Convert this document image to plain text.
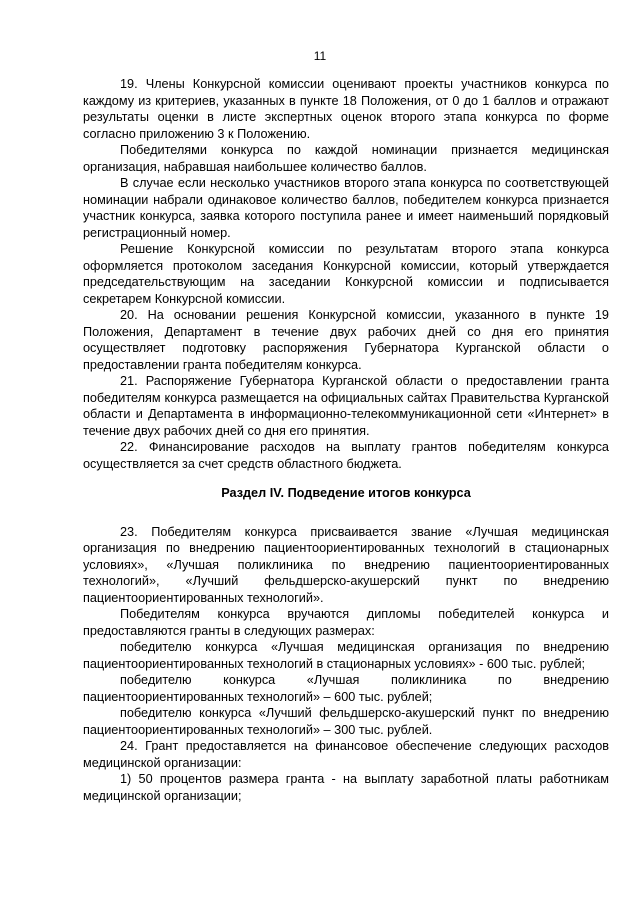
11

19. Члены Конкурсной комиссии оценивают проекты участников конкурса по каждому из критериев, указанных в пункте 18 Положения, от 0 до 1 баллов и отражают результаты оценки в листе экспертных оценок второго этапа конкурса по форме согласно приложению 3 к Положению.

Победителями конкурса по каждой номинации признается медицинская организация, набравшая наибольшее количество баллов.

В случае если несколько участников второго этапа конкурса по соответствующей номинации набрали одинаковое количество баллов, победителем конкурса признается участник конкурса, заявка которого поступила ранее и имеет наименьший порядковый регистрационный номер.

Решение Конкурсной комиссии по результатам второго этапа конкурса оформляется протоколом заседания Конкурсной комиссии, который утверждается председательствующим на заседании Конкурсной комиссии и подписывается секретарем Конкурсной комиссии.

20. На основании решения Конкурсной комиссии, указанного в пункте 19 Положения, Департамент в течение двух рабочих дней со дня его принятия осуществляет подготовку распоряжения Губернатора Курганской области о предоставлении гранта победителям конкурса.

21. Распоряжение Губернатора Курганской области о предоставлении гранта победителям конкурса размещается на официальных сайтах Правительства Курганской области и Департамента в информационно-телекоммуникационной сети «Интернет» в течение двух рабочих дней со дня его принятия.

22. Финансирование расходов на выплату грантов победителям конкурса осуществляется за счет средств областного бюджета.

Раздел IV. Подведение итогов конкурса

23. Победителям конкурса присваивается звание «Лучшая медицинская организация по внедрению пациентоориентированных технологий в стационарных условиях», «Лучшая поликлиника по внедрению пациентоориентированных технологий», «Лучший фельдшерско-акушерский пункт по внедрению пациентоориентированных технологий».

Победителям конкурса вручаются дипломы победителей конкурса и предоставляются гранты в следующих размерах:

победителю конкурса «Лучшая медицинская организация по внедрению пациентоориентированных технологий в стационарных условиях» - 600 тыс. рублей;

победителю конкурса «Лучшая поликлиника по внедрению пациентоориентированных технологий» – 600 тыс. рублей;

победителю конкурса «Лучший фельдшерско-акушерский пункт по внедрению пациентоориентированных технологий» – 300 тыс. рублей.

24. Грант предоставляется на финансовое обеспечение следующих расходов медицинской организации:

1) 50 процентов размера гранта - на выплату заработной платы работникам медицинской организации;
